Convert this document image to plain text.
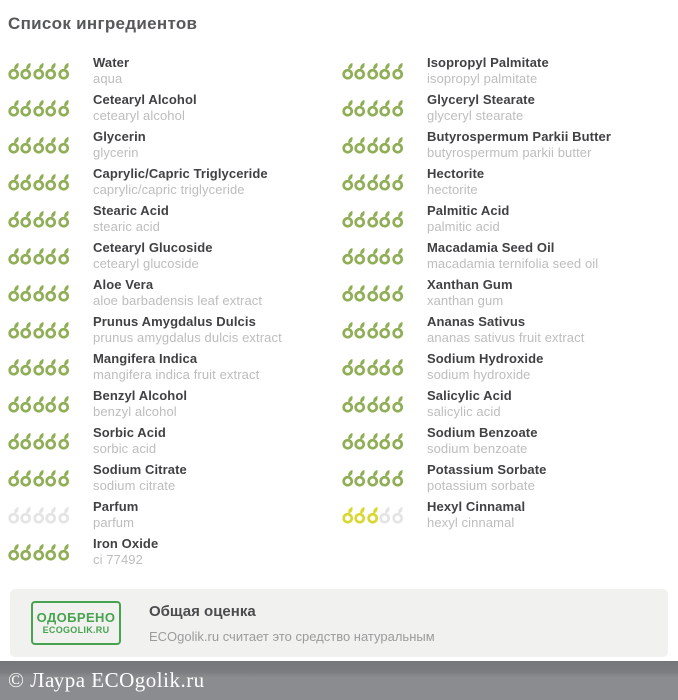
Список ингредиентов
Water
aqua
Cetearyl Alcohol
cetearyl alcohol
Glycerin
glycerin
Caprylic/Capric Triglyceride
caprylic/capric triglyceride
Stearic Acid
stearic acid
Cetearyl Glucoside
cetearyl glucoside
Aloe Vera
aloe barbadensis leaf extract
Prunus Amygdalus Dulcis
prunus amygdalus dulcis extract
Mangifera Indica
mangifera indica fruit extract
Benzyl Alcohol
benzyl alcohol
Sorbic Acid
sorbic acid
Sodium Citrate
sodium citrate
Parfum
parfum
Iron Oxide
ci 77492
Isopropyl Palmitate
isopropyl palmitate
Glyceryl Stearate
glyceryl stearate
Butyrospermum Parkii Butter
butyrospermum parkii butter
Hectorite
hectorite
Palmitic Acid
palmitic acid
Macadamia Seed Oil
macadamia ternifolia seed oil
Xanthan Gum
xanthan gum
Ananas Sativus
ananas sativus fruit extract
Sodium Hydroxide
sodium hydroxide
Salicylic Acid
salicylic acid
Sodium Benzoate
sodium benzoate
Potassium Sorbate
potassium sorbate
Hexyl Cinnamal
hexyl cinnamal
ОДОБРЕНО
ECOGOLIK.RU
Общая оценка
ECOgolik.ru считает это средство натуральным
© Лаура ECOgolik.ru
